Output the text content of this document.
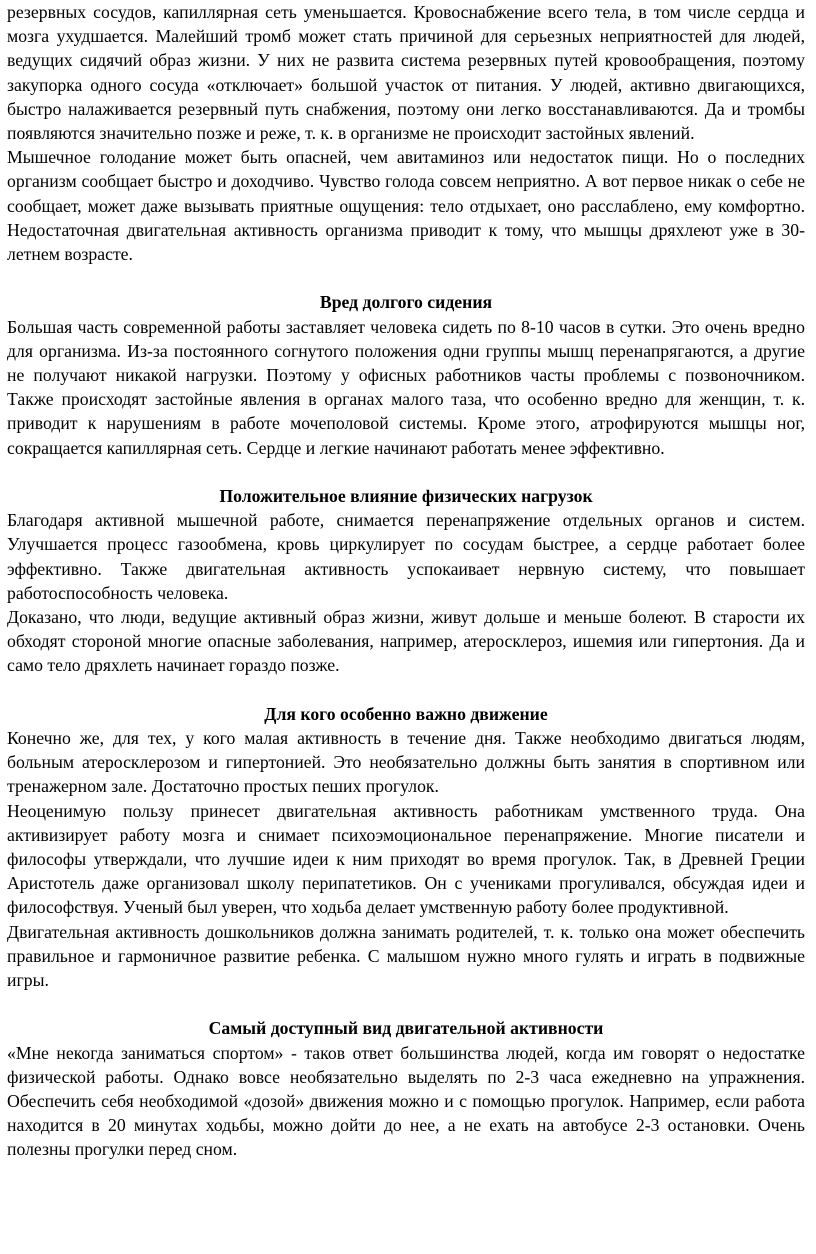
резервных сосудов, капиллярная сеть уменьшается. Кровоснабжение всего тела, в том числе сердца и мозга ухудшается. Малейший тромб может стать причиной для серьезных неприятностей для людей, ведущих сидячий образ жизни. У них не развита система резервных путей кровообращения, поэтому закупорка одного сосуда «отключает» большой участок от питания. У людей, активно двигающихся, быстро налаживается резервный путь снабжения, поэтому они легко восстанавливаются. Да и тромбы появляются значительно позже и реже, т. к. в организме не происходит застойных явлений.

Мышечное голодание может быть опасней, чем авитаминоз или недостаток пищи. Но о последних организм сообщает быстро и доходчиво. Чувство голода совсем неприятно. А вот первое никак о себе не сообщает, может даже вызывать приятные ощущения: тело отдыхает, оно расслаблено, ему комфортно. Недостаточная двигательная активность организма приводит к тому, что мышцы дряхлеют уже в 30-летнем возрасте.

Вред долгого сидения

Большая часть современной работы заставляет человека сидеть по 8-10 часов в сутки. Это очень вредно для организма. Из-за постоянного согнутого положения одни группы мышц перенапрягаются, а другие не получают никакой нагрузки. Поэтому у офисных работников часты проблемы с позвоночником. Также происходят застойные явления в органах малого таза, что особенно вредно для женщин, т. к. приводит к нарушениям в работе мочеполовой системы. Кроме этого, атрофируются мышцы ног, сокращается капиллярная сеть. Сердце и легкие начинают работать менее эффективно.

Положительное влияние физических нагрузок

Благодаря активной мышечной работе, снимается перенапряжение отдельных органов и систем. Улучшается процесс газообмена, кровь циркулирует по сосудам быстрее, а сердце работает более эффективно. Также двигательная активность успокаивает нервную систему, что повышает работоспособность человека.

Доказано, что люди, ведущие активный образ жизни, живут дольше и меньше болеют. В старости их обходят стороной многие опасные заболевания, например, атеросклероз, ишемия или гипертония. Да и само тело дряхлеть начинает гораздо позже.

Для кого особенно важно движение

Конечно же, для тех, у кого малая активность в течение дня. Также необходимо двигаться людям, больным атеросклерозом и гипертонией. Это необязательно должны быть занятия в спортивном или тренажерном зале. Достаточно простых пеших прогулок.

Неоценимую пользу принесет двигательная активность работникам умственного труда. Она активизирует работу мозга и снимает психоэмоциональное перенапряжение. Многие писатели и философы утверждали, что лучшие идеи к ним приходят во время прогулок. Так, в Древней Греции Аристотель даже организовал школу перипатетиков. Он с учениками прогуливался, обсуждая идеи и философствуя. Ученый был уверен, что ходьба делает умственную работу более продуктивной.

Двигательная активность дошкольников должна занимать родителей, т. к. только она может обеспечить правильное и гармоничное развитие ребенка. С малышом нужно много гулять и играть в подвижные игры.

Самый доступный вид двигательной активности

«Мне некогда заниматься спортом» - таков ответ большинства людей, когда им говорят о недостатке физической работы. Однако вовсе необязательно выделять по 2-3 часа ежедневно на упражнения. Обеспечить себя необходимой «дозой» движения можно и с помощью прогулок. Например, если работа находится в 20 минутах ходьбы, можно дойти до нее, а не ехать на автобусе 2-3 остановки. Очень полезны прогулки перед сном.
